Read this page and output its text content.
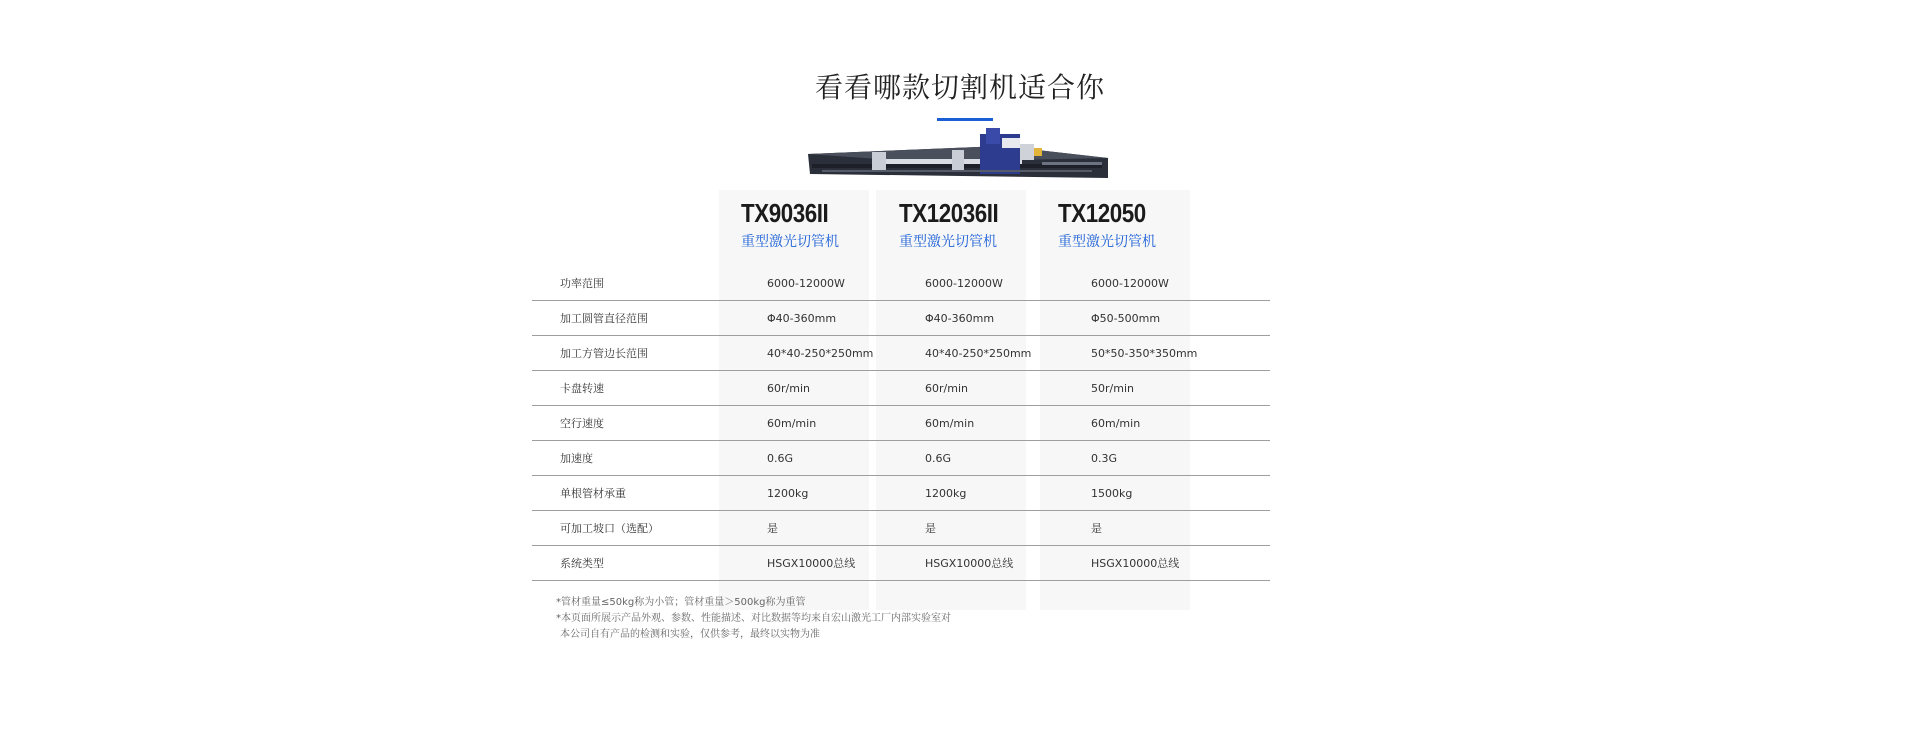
看看哪款切割机适合你
TX9036II
重型激光切管机
TX12036II
重型激光切管机
TX12050
重型激光切管机
功率范围	6000-12000W	6000-12000W	6000-12000W
加工圆管直径范围	Φ40-360mm	Φ40-360mm	Φ50-500mm
加工方管边长范围	40*40-250*250mm	40*40-250*250mm	50*50-350*350mm
卡盘转速	60r/min	60r/min	50r/min
空行速度	60m/min	60m/min	60m/min
加速度	0.6G	0.6G	0.3G
单根管材承重	1200kg	1200kg	1500kg
可加工坡口（选配）	是	是	是
系统类型	HSGX10000总线	HSGX10000总线	HSGX10000总线
*管材重量≤50kg称为小管；管材重量＞500kg称为重管
*本页面所展示产品外观、参数、性能描述、对比数据等均来自宏山激光工厂内部实验室对
本公司自有产品的检测和实验，仅供参考，最终以实物为准
